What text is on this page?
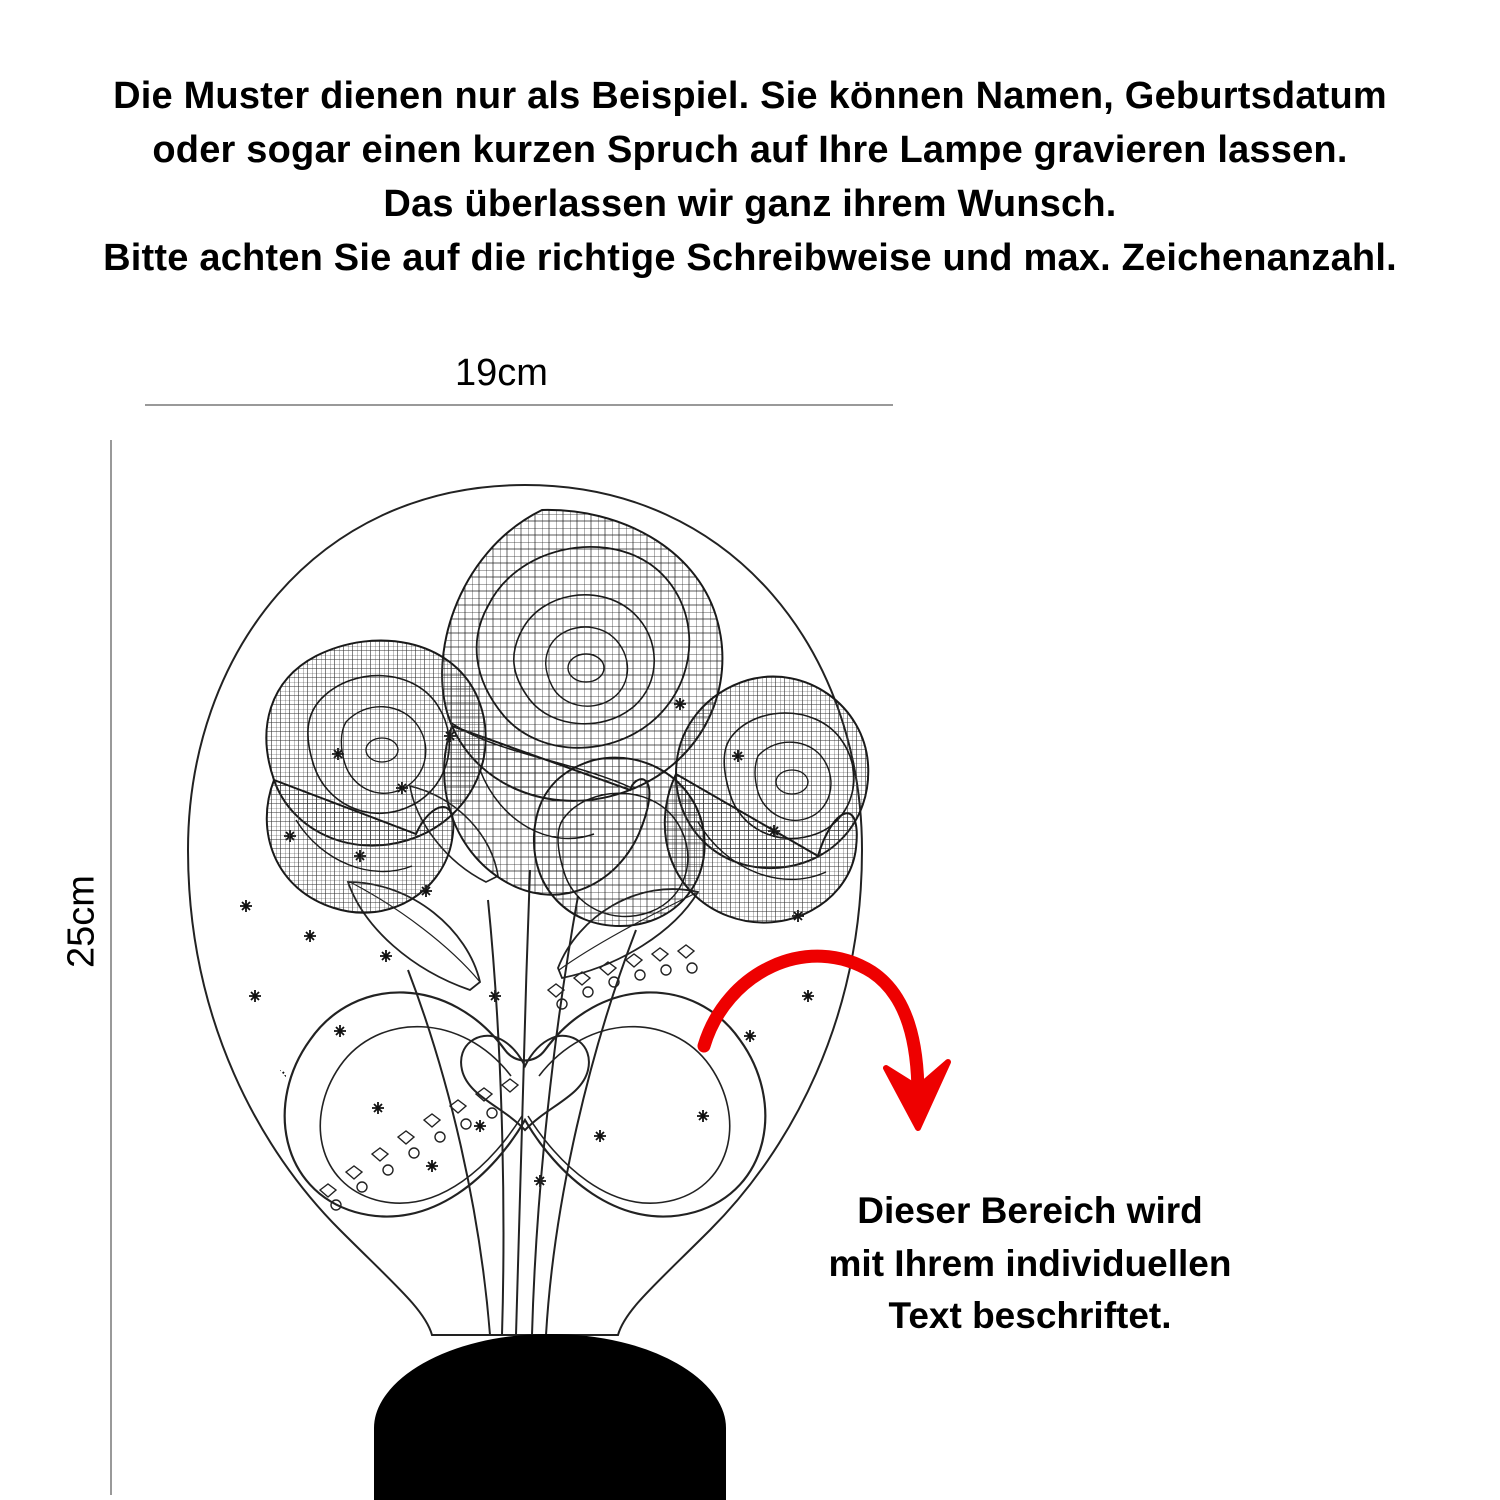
Die Muster dienen nur als Beispiel. Sie können Namen, Geburtsdatum
oder sogar einen kurzen Spruch auf Ihre Lampe gravieren lassen.
Das überlassen wir ganz ihrem Wunsch.
Bitte achten Sie auf die richtige Schreibweise und max. Zeichenanzahl.
19cm
25cm
Dieser Bereich wird
mit Ihrem individuellen
Text beschriftet.
